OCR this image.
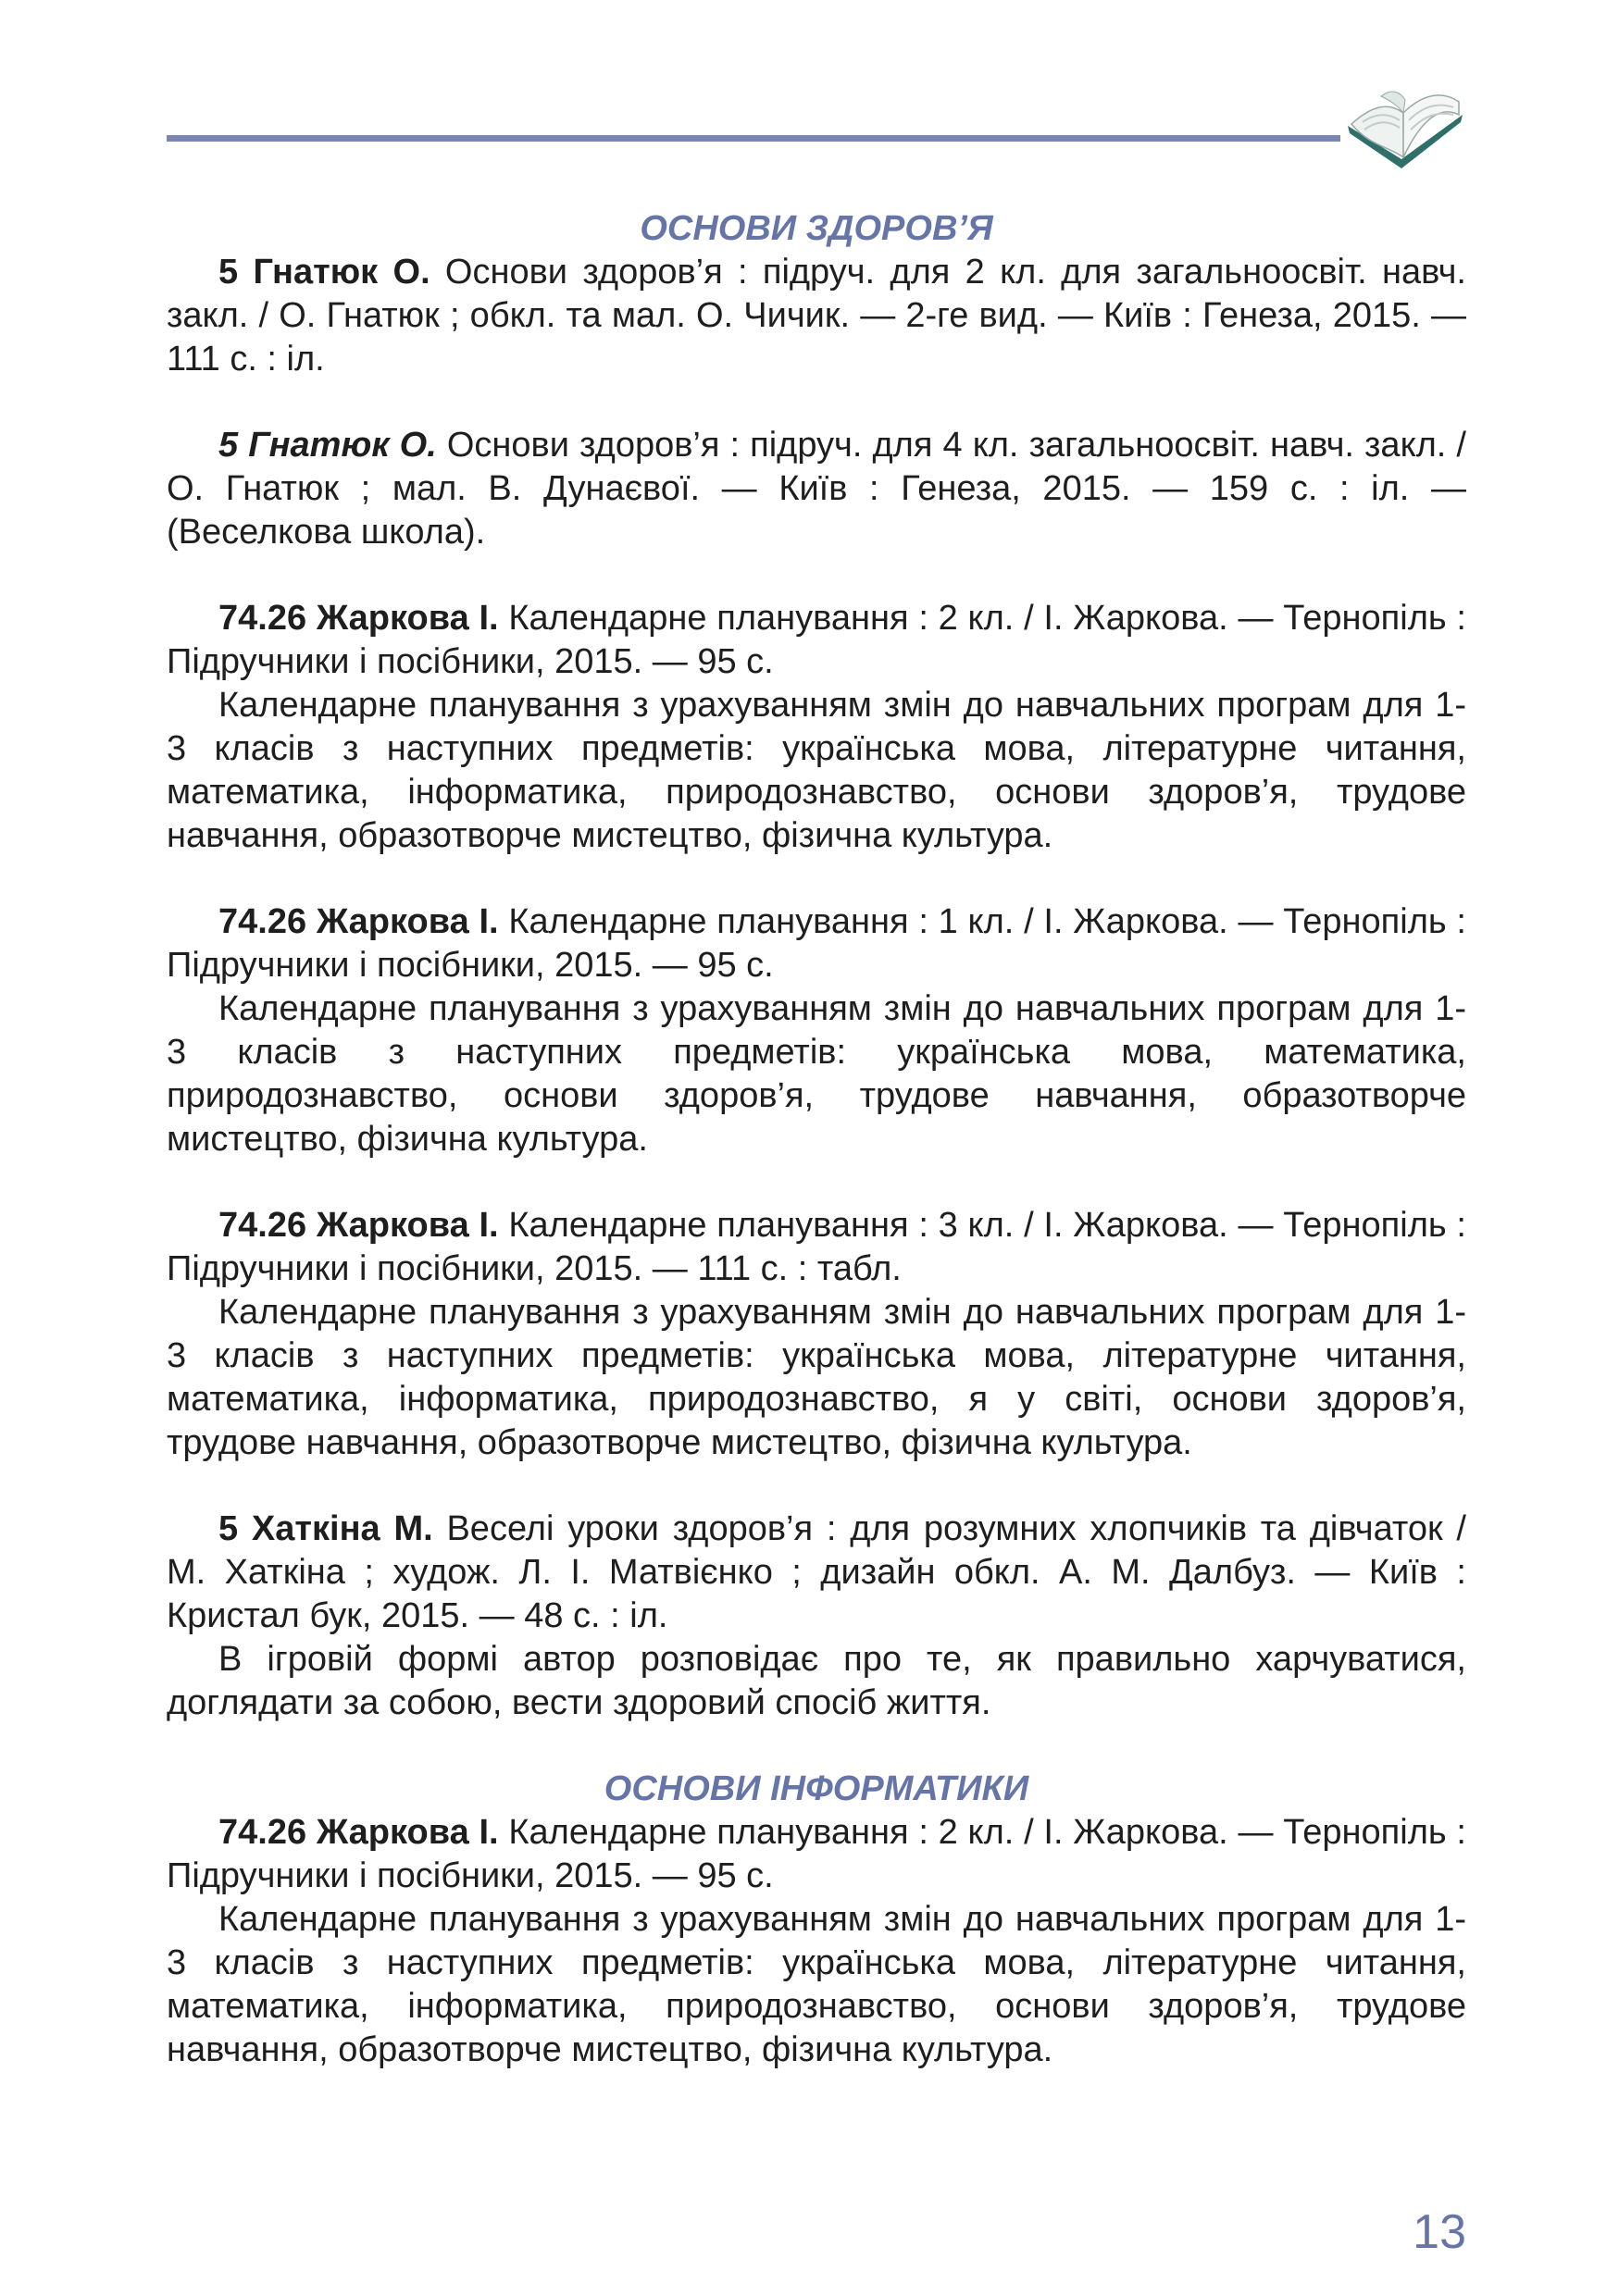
ОСНОВИ ЗДОРОВ’Я

5 Гнатюк О. Основи здоров’я : підруч. для 2 кл. для загальноосвіт. навч. закл. / О. Гнатюк ; обкл. та мал. О. Чичик. — 2-ге вид. — Київ : Генеза, 2015. — 111 с. : іл.

5 Гнатюк О. Основи здоров’я : підруч. для 4 кл. загальноосвіт. навч. закл. / О. Гнатюк ; мал. В. Дунаєвої. — Київ : Генеза, 2015. — 159 с. : іл. — (Веселкова школа).

74.26 Жаркова І. Календарне планування : 2 кл. / І. Жаркова. — Тернопіль : Підручники і посібники, 2015. — 95 с.

Календарне планування з урахуванням змін до навчальних програм для 1-3 класів з наступних предметів: українська мова, літературне читання, математика, інформатика, природознавство, основи здоров’я, трудове навчання, образотворче мистецтво, фізична культура.

74.26 Жаркова І. Календарне планування : 1 кл. / І. Жаркова. — Тернопіль : Підручники і посібники, 2015. — 95 с.

Календарне планування з урахуванням змін до навчальних програм для 1-3 класів з наступних предметів: українська мова, математика, природознавство, основи здоров’я, трудове навчання, образотворче мистецтво, фізична культура.

74.26 Жаркова І. Календарне планування : 3 кл. / І. Жаркова. — Тернопіль : Підручники і посібники, 2015. — 111 с. : табл.

Календарне планування з урахуванням змін до навчальних програм для 1-3 класів з наступних предметів: українська мова, літературне читання, математика, інформатика, природознавство, я у світі, основи здоров’я, трудове навчання, образотворче мистецтво, фізична культура.

5 Хаткіна М. Веселі уроки здоров’я : для розумних хлопчиків та дівчаток / М. Хаткіна ; худож. Л. І. Матвієнко ; дизайн обкл. А. М. Далбуз. — Київ : Кристал бук, 2015. — 48 с. : іл.

В ігровій формі автор розповідає про те, як правильно харчуватися, доглядати за собою, вести здоровий спосіб життя.

ОСНОВИ ІНФОРМАТИКИ

74.26 Жаркова І. Календарне планування : 2 кл. / І. Жаркова. — Тернопіль : Підручники і посібники, 2015. — 95 с.

Календарне планування з урахуванням змін до навчальних програм для 1-3 класів з наступних предметів: українська мова, літературне читання, математика, інформатика, природознавство, основи здоров’я, трудове навчання, образотворче мистецтво, фізична культура.

13
